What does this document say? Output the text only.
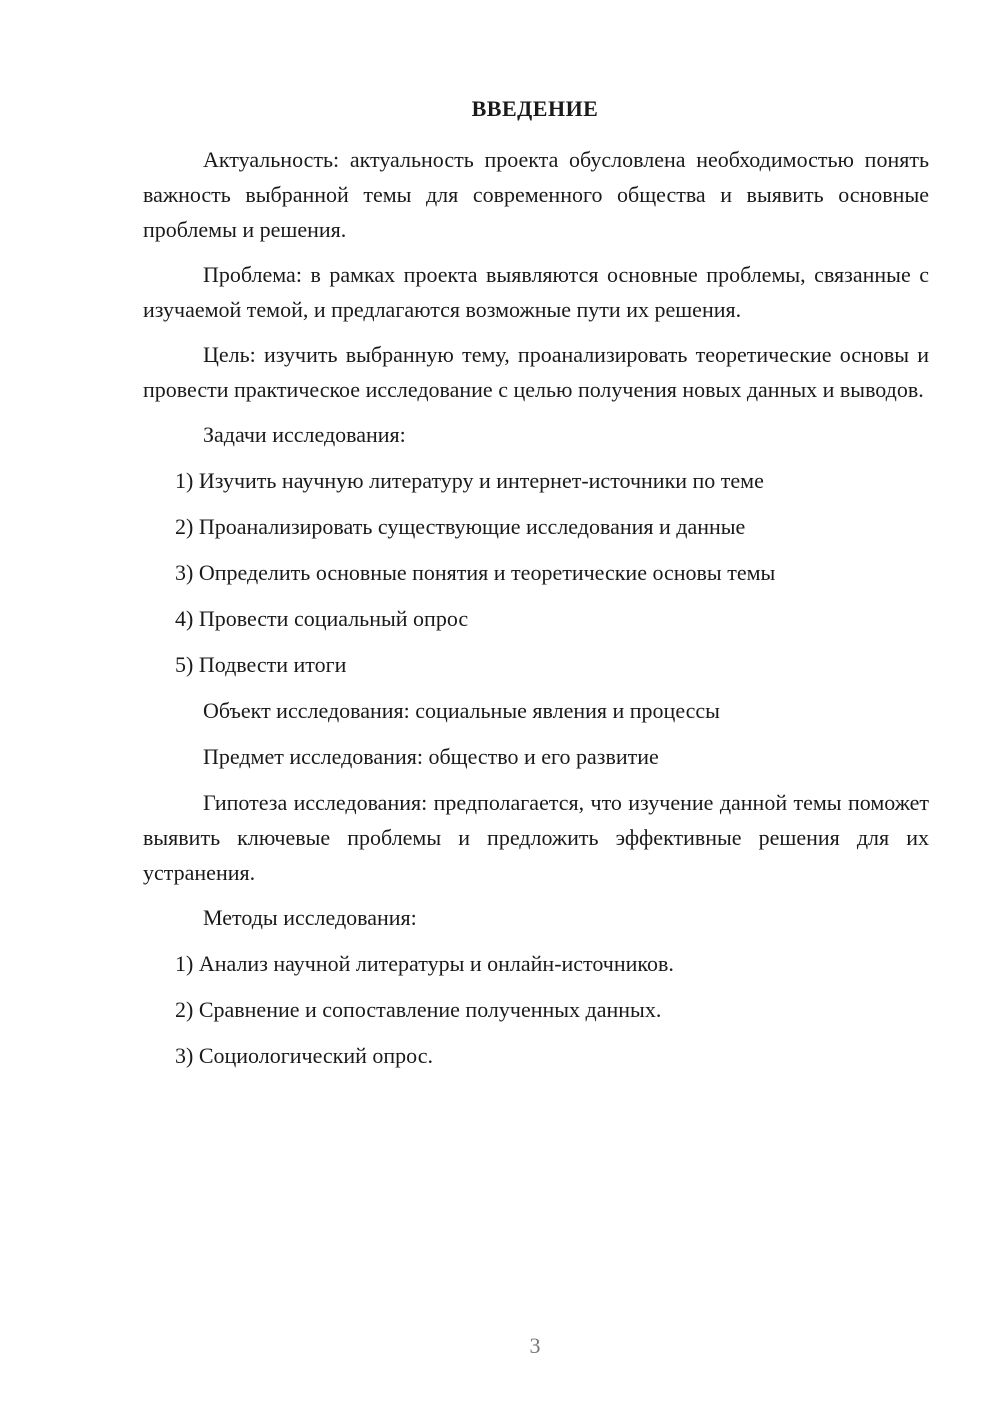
ВВЕДЕНИЕ

Актуальность: актуальность проекта обусловлена необходимостью понять важность выбранной темы для современного общества и выявить основные проблемы и решения.

Проблема: в рамках проекта выявляются основные проблемы, связанные с изучаемой темой, и предлагаются возможные пути их решения.

Цель: изучить выбранную тему, проанализировать теоретические основы и провести практическое исследование с целью получения новых данных и выводов.

Задачи исследования:
1) Изучить научную литературу и интернет-источники по теме
2) Проанализировать существующие исследования и данные
3) Определить основные понятия и теоретические основы темы
4) Провести социальный опрос
5) Подвести итоги
Объект исследования: социальные явления и процессы
Предмет исследования: общество и его развитие

Гипотеза исследования: предполагается, что изучение данной темы поможет выявить ключевые проблемы и предложить эффективные решения для их устранения.

Методы исследования:
1) Анализ научной литературы и онлайн-источников.
2) Сравнение и сопоставление полученных данных.
3) Социологический опрос.
3
